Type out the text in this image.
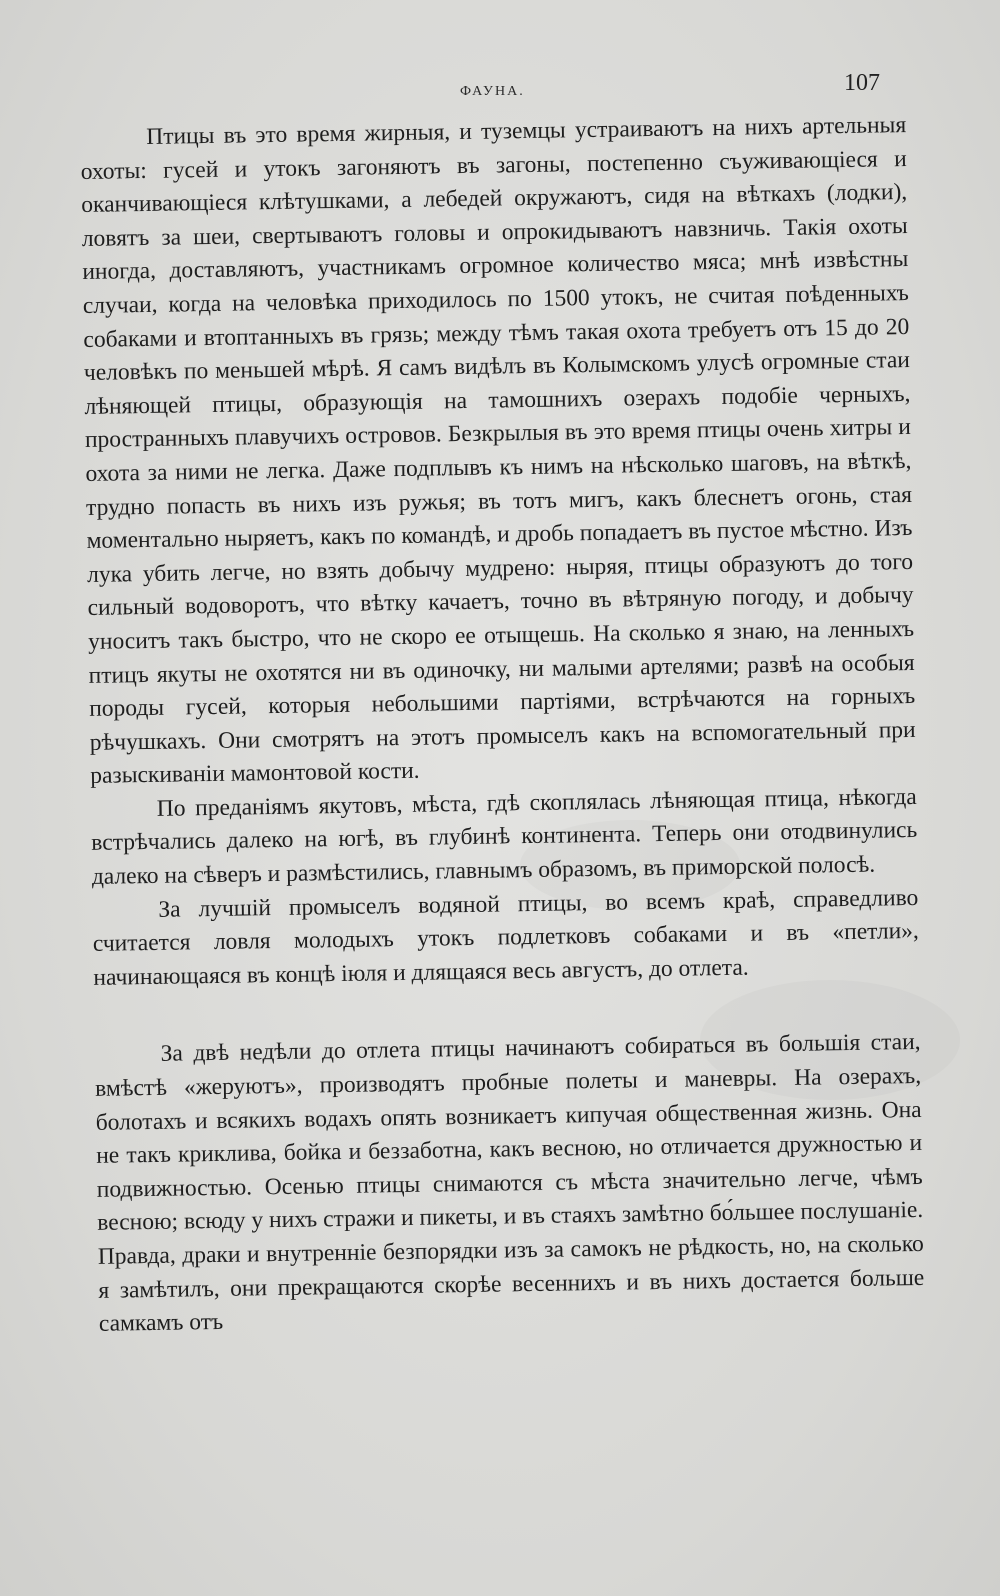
ФАУНА.	107

Птицы въ это время жирныя, и туземцы устраиваютъ на нихъ артельныя охоты: гусей и утокъ загоняютъ въ загоны, постепенно съуживающіеся и оканчивающіеся клѣтушками, а лебедей окружаютъ, сидя на вѣткахъ (лодки), ловятъ за шеи, свертываютъ головы и опрокидываютъ навзничь. Такія охоты иногда, доставляютъ, участникамъ огромное количество мяса; мнѣ извѣстны случаи, когда на человѣка приходилось по 1500 утокъ, не считая поѣденныхъ собаками и втоптанныхъ въ грязь; между тѣмъ такая охота требуетъ отъ 15 до 20 человѣкъ по меньшей мѣрѣ. Я самъ видѣлъ въ Колымскомъ улусѣ огромные стаи лѣняющей птицы, образующія на тамошнихъ озерахъ подобіе черныхъ, пространныхъ плавучихъ островов. Безкрылыя въ это время птицы очень хитры и охота за ними не легка. Даже подплывъ къ нимъ на нѣсколько шаговъ, на вѣткѣ, трудно попасть въ нихъ изъ ружья; въ тотъ мигъ, какъ блеснетъ огонь, стая моментально ныряетъ, какъ по командѣ, и дробь попадаетъ въ пустое мѣстно. Изъ лука убить легче, но взять добычу мудрено: ныряя, птицы образуютъ до того сильный водоворотъ, что вѣтку качаетъ, точно въ вѣтряную погоду, и добычу уноситъ такъ быстро, что не скоро ее отыщешь. На сколько я знаю, на ленныхъ птицъ якуты не охотятся ни въ одиночку, ни малыми артелями; развѣ на особыя породы гусей, которыя небольшими партіями, встрѣчаются на горныхъ рѣчушкахъ. Они смотрятъ на этотъ промыселъ какъ на вспомогательный при разыскиваніи мамонтовой кости.

По преданіямъ якутовъ, мѣста, гдѣ скоплялась лѣняющая птица, нѣкогда встрѣчались далеко на югѣ, въ глубинѣ континента. Теперь они отодвинулись далеко на сѣверъ и размѣстились, главнымъ образомъ, въ приморской полосѣ.

За лучшій промыселъ водяной птицы, во всемъ краѣ, справедливо считается ловля молодыхъ утокъ подлетковъ собаками и въ «петли», начинающаяся въ концѣ іюля и длящаяся весь августъ, до отлета.

За двѣ недѣли до отлета птицы начинаютъ собираться въ большія стаи, вмѣстѣ «жеруютъ», производятъ пробные полеты и маневры. На озерахъ, болотахъ и всякихъ водахъ опять возникаетъ кипучая общественная жизнь. Она не такъ криклива, бойка и беззаботна, какъ весною, но отличается дружностью и подвижностью. Осенью птицы снимаются съ мѣста значительно легче, чѣмъ весною; всюду у нихъ стражи и пикеты, и въ стаяхъ замѣтно бо́льшее послушаніе. Правда, драки и внутренніе безпорядки изъ за самокъ не рѣдкость, но, на сколько я замѣтилъ, они прекращаются скорѣе весеннихъ и въ нихъ достается больше самкамъ отъ
